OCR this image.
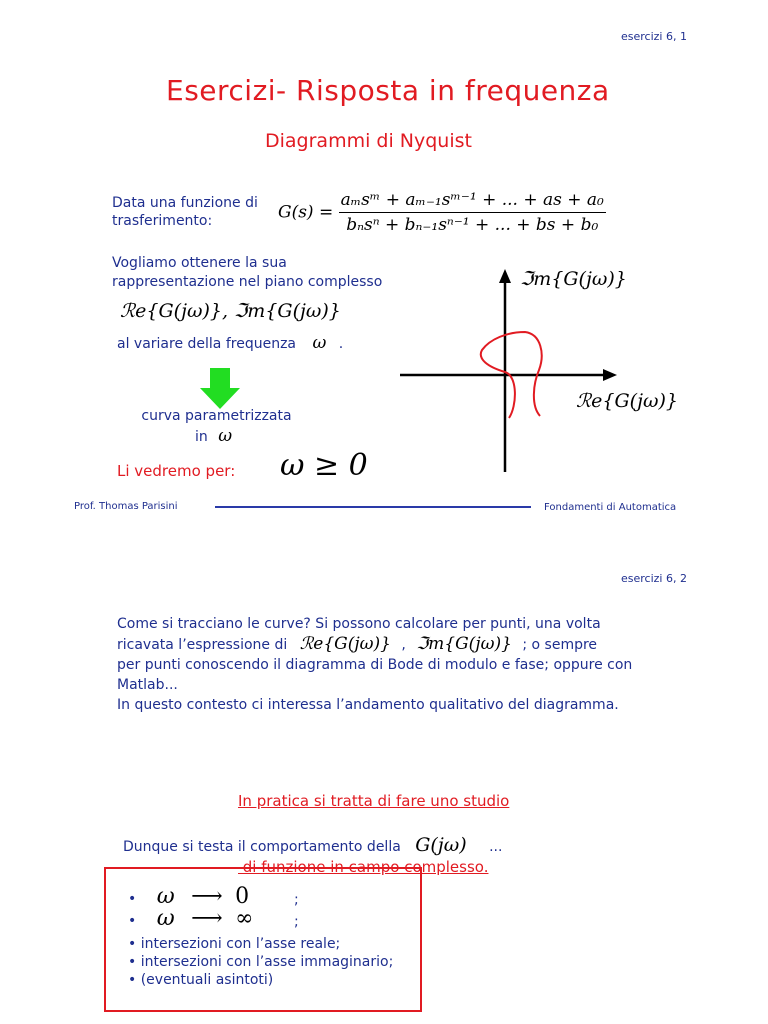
esercizi 6, 1
Esercizi- Risposta in frequenza
Diagrammi di Nyquist
Data una funzione di
trasferimento:	$G(s) = \frac{\text{aₘsᵐ + aₘ₋₁sᵐ⁻¹ + ... + as + a₀}}{\text{bₙsⁿ + bₙ₋₁sⁿ⁻¹ + ... + bs + b₀}}$
Vogliamo ottenere la sua
rappresentazione nel piano complesso
ℛe{G(jω)}, ℑm{G(jω)}
al variare della frequenza ω .
curva parametrizzata
in ω
Li vedremo per: ω ≥ 0
ℑm{G(jω)}
ℛe{G(jω)}
Prof. Thomas Parisini	Fondamenti di Automatica
esercizi 6, 2
Come si tracciano le curve? Si possono calcolare per punti, una volta
ricavata l’espressione di ℛe{G(jω)} , ℑm{G(jω)} ; o sempre
per punti conoscendo il diagramma di Bode di modulo e fase; oppure con
Matlab...
In questo contesto ci interessa l’andamento qualitativo del diagramma.

In pratica si tratta di fare uno studio

di funzione in campo complesso.

Dunque si testa il comportamento della G(jω) ...
• ω ⟶ 0	;
• ω ⟶ ∞	;
• intersezioni con l’asse reale;
• intersezioni con l’asse immaginario;
• (eventuali asintoti)
